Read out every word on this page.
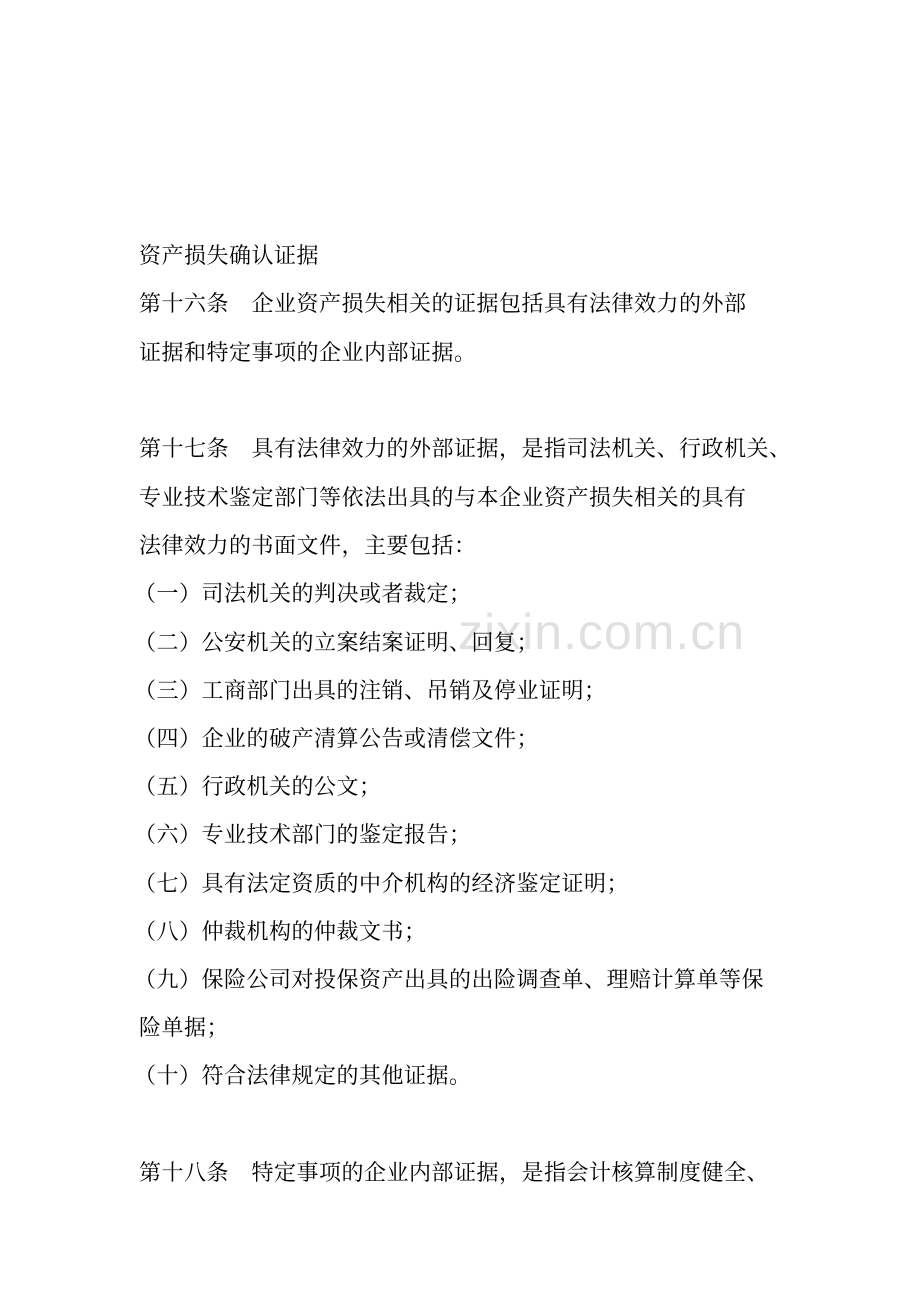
资产损失确认证据
第十六条　企业资产损失相关的证据包括具有法律效力的外部
证据和特定事项的企业内部证据。
第十七条　具有法律效力的外部证据，是指司法机关、行政机关、
专业技术鉴定部门等依法出具的与本企业资产损失相关的具有
法律效力的书面文件，主要包括：
（一）司法机关的判决或者裁定；
（二）公安机关的立案结案证明、回复；
（三）工商部门出具的注销、吊销及停业证明；
（四）企业的破产清算公告或清偿文件；
（五）行政机关的公文；
（六）专业技术部门的鉴定报告；
（七）具有法定资质的中介机构的经济鉴定证明；
（八）仲裁机构的仲裁文书；
（九）保险公司对投保资产出具的出险调查单、理赔计算单等保
险单据；
（十）符合法律规定的其他证据。
第十八条　特定事项的企业内部证据，是指会计核算制度健全、
zixin.com.cn
